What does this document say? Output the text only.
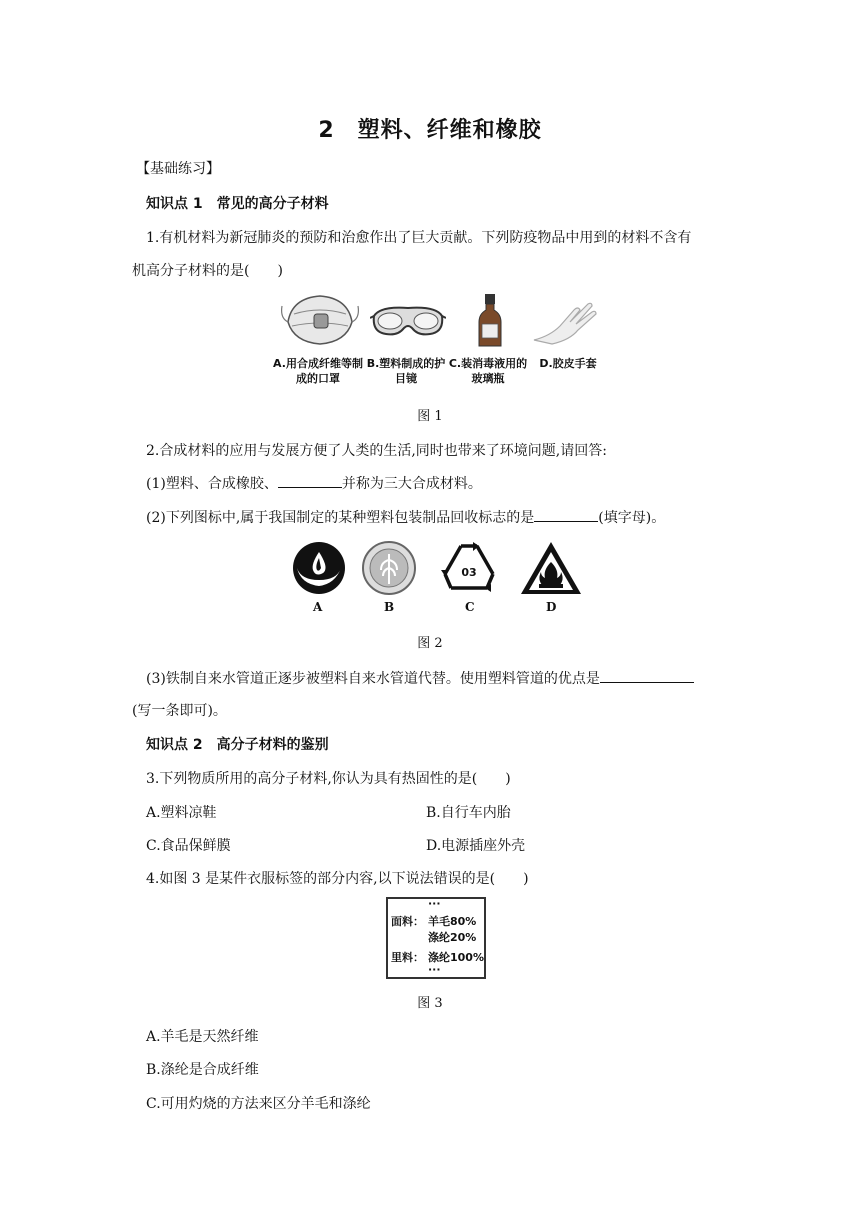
2　塑料、纤维和橡胶
【基础练习】
知识点 1　常见的高分子材料
1.有机材料为新冠肺炎的预防和治愈作出了巨大贡献。下列防疫物品中用到的材料不含有
机高分子材料的是(　　)
A.用合成纤维等制成的口罩
B.塑料制成的护目镜
C.装消毒液用的玻璃瓶
D.胶皮手套
图 1
2.合成材料的应用与发展方便了人类的生活,同时也带来了环境问题,请回答:
(1)塑料、合成橡胶、	并称为三大合成材料。
(2)下列图标中,属于我国制定的某种塑料包装制品回收标志的是	(填字母)。
03
A	B	C	D
图 2
(3)铁制自来水管道正逐步被塑料自来水管道代替。使用塑料管道的优点是
(写一条即可)。
知识点 2　高分子材料的鉴别
3.下列物质所用的高分子材料,你认为具有热固性的是(　　)
A.塑料凉鞋	B.自行车内胎
C.食品保鲜膜	D.电源插座外壳
4.如图 3 是某件衣服标签的部分内容,以下说法错误的是(　　)
···
面料： 羊毛80%
涤纶20%
里料： 涤纶100%
···
图 3
A.羊毛是天然纤维
B.涤纶是合成纤维
C.可用灼烧的方法来区分羊毛和涤纶
